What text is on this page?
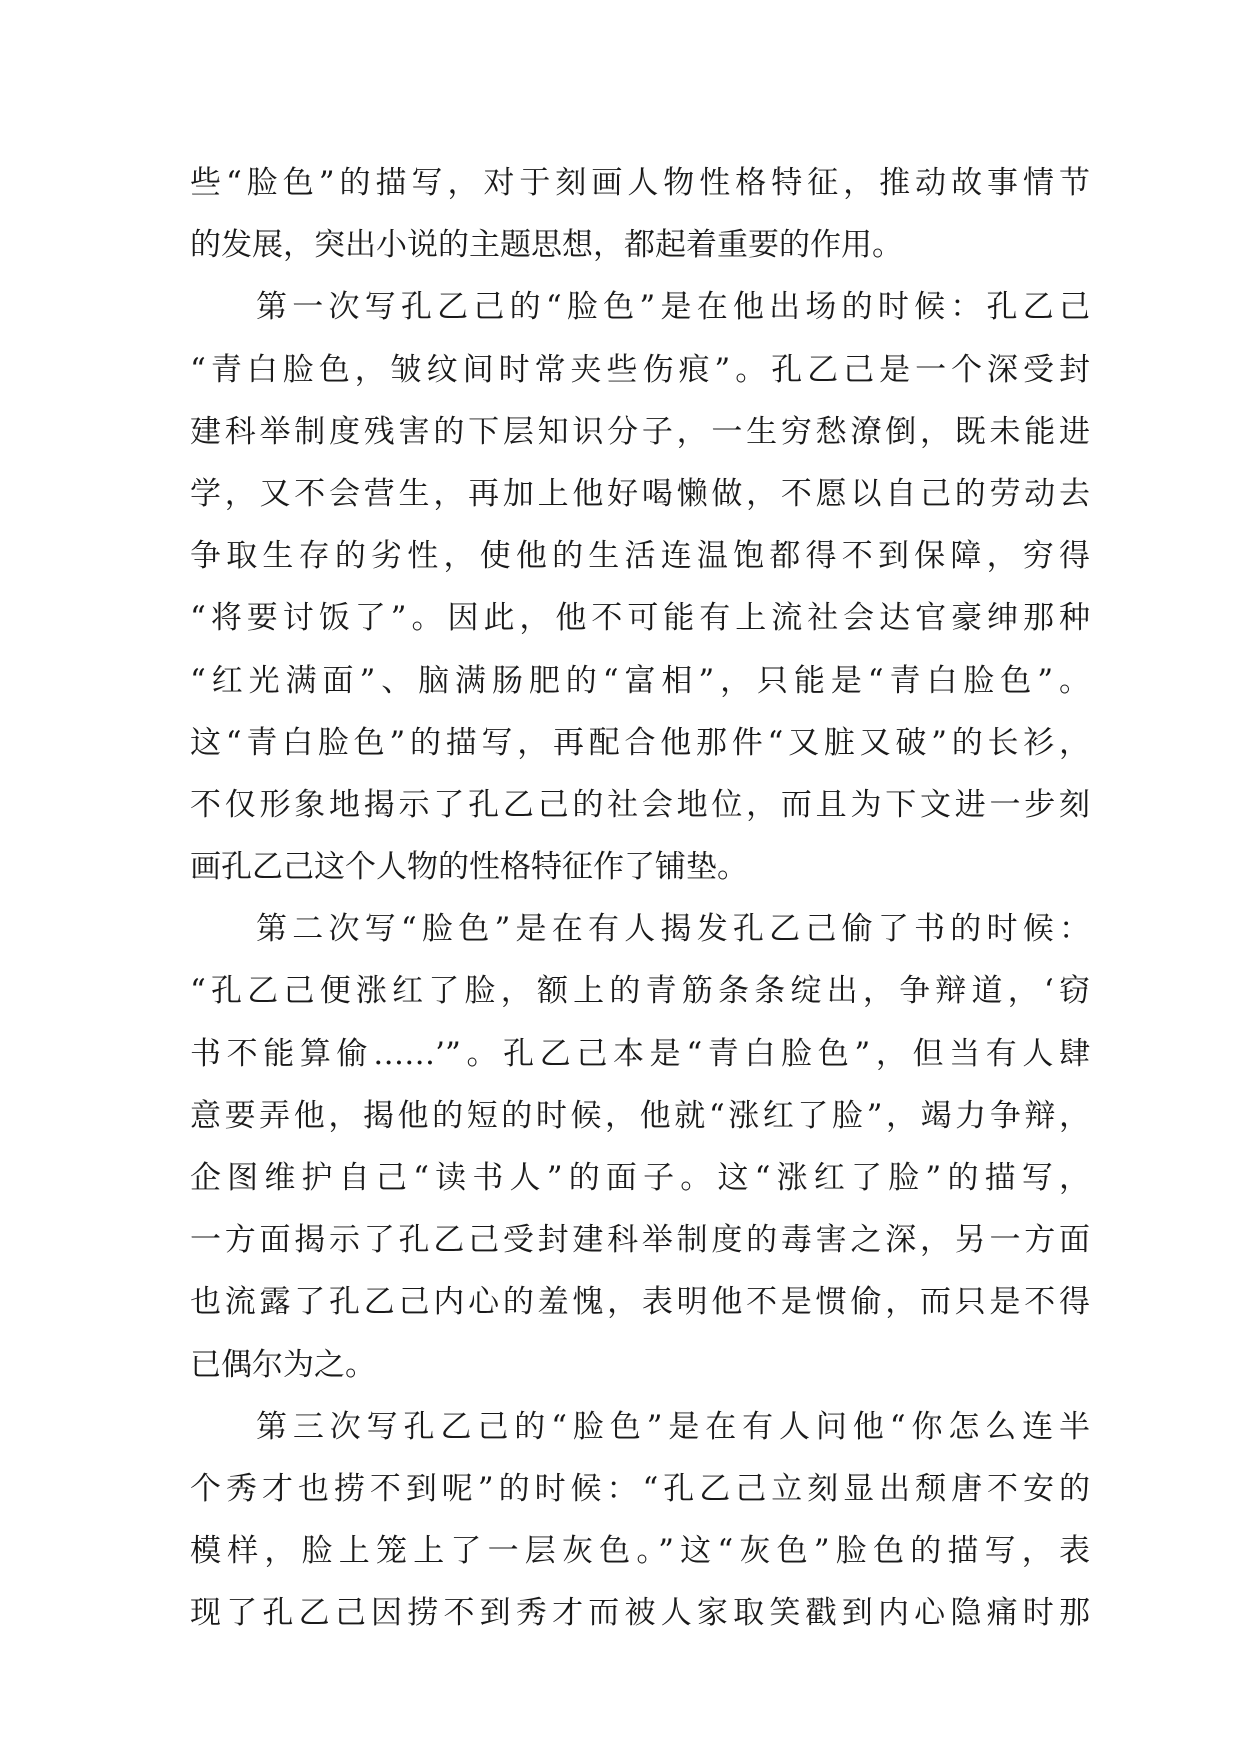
些“脸色”的描写，对于刻画人物性格特征，推动故事情节
的发展，突出小说的主题思想，都起着重要的作用。
第一次写孔乙己的“脸色”是在他出场的时候：孔乙己
“青白脸色，皱纹间时常夹些伤痕”。孔乙己是一个深受封
建科举制度残害的下层知识分子，一生穷愁潦倒，既未能进
学，又不会营生，再加上他好喝懒做，不愿以自己的劳动去
争取生存的劣性，使他的生活连温饱都得不到保障，穷得
“将要讨饭了”。因此，他不可能有上流社会达官豪绅那种
“红光满面”、脑满肠肥的“富相”，只能是“青白脸色”。
这“青白脸色”的描写，再配合他那件“又脏又破”的长衫，
不仅形象地揭示了孔乙己的社会地位，而且为下文进一步刻
画孔乙己这个人物的性格特征作了铺垫。
第二次写“脸色”是在有人揭发孔乙己偷了书的时候：
“孔乙己便涨红了脸，额上的青筋条条绽出，争辩道，‘窃
书不能算偷……’”。孔乙己本是“青白脸色”，但当有人肆
意要弄他，揭他的短的时候，他就“涨红了脸”，竭力争辩，
企图维护自己“读书人”的面子。这“涨红了脸”的描写，
一方面揭示了孔乙己受封建科举制度的毒害之深，另一方面
也流露了孔乙己内心的羞愧，表明他不是惯偷，而只是不得
已偶尔为之。
第三次写孔乙己的“脸色”是在有人问他“你怎么连半
个秀才也捞不到呢”的时候：“孔乙己立刻显出颓唐不安的
模样，脸上笼上了一层灰色。”这“灰色”脸色的描写，表
现了孔乙己因捞不到秀才而被人家取笑戳到内心隐痛时那
